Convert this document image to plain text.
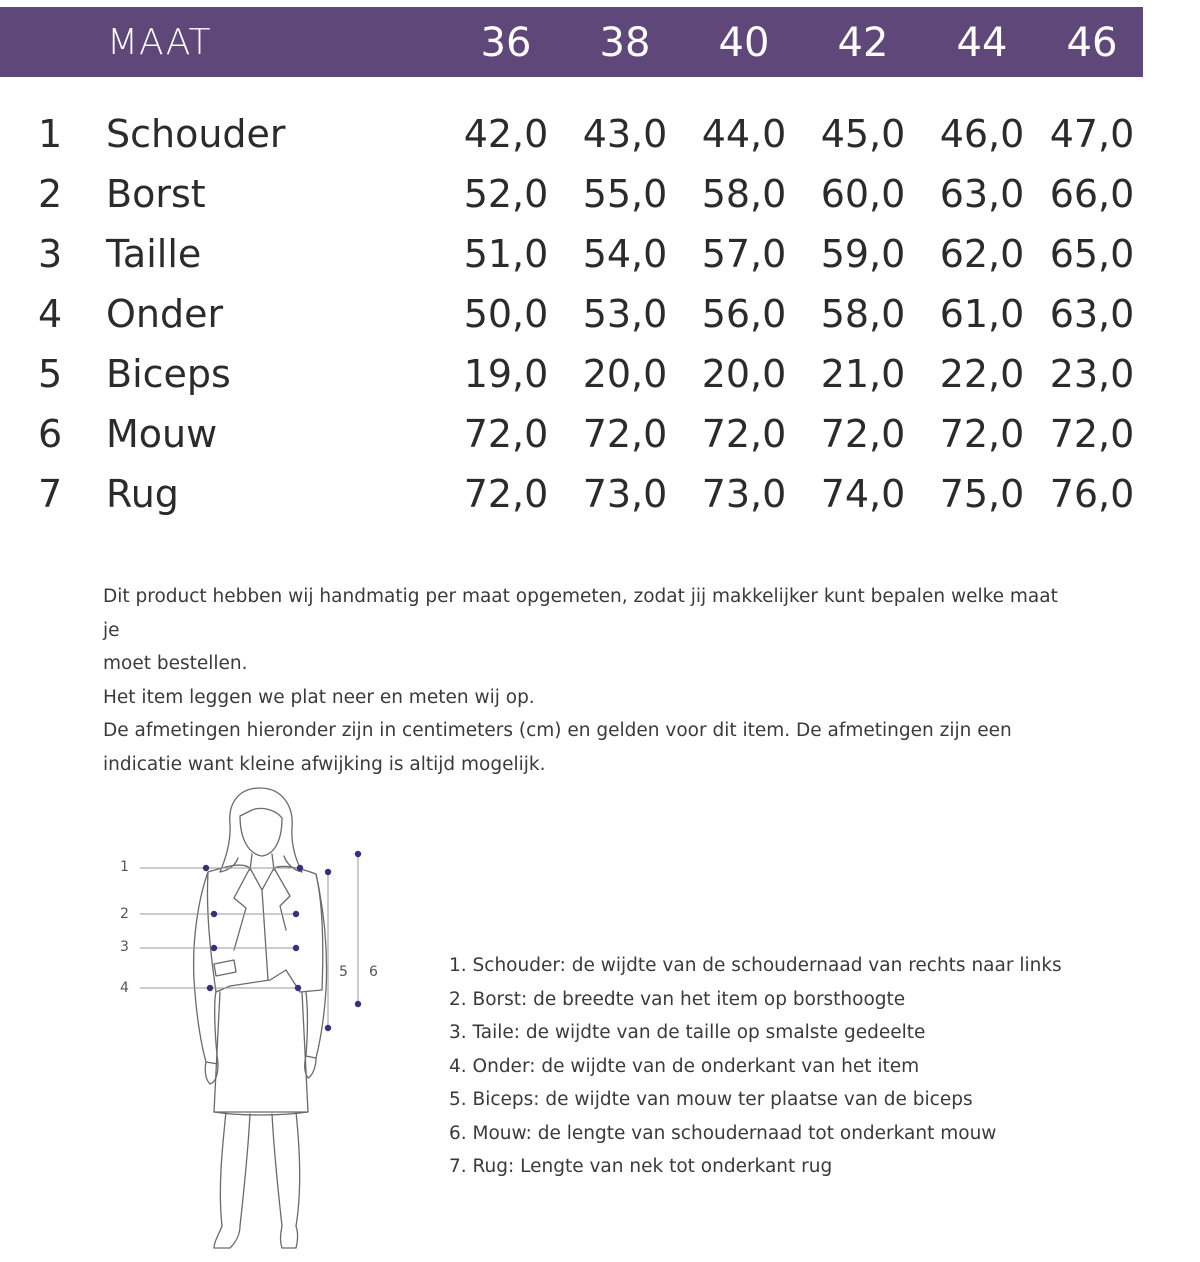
MAAT	36	38	40	42	44	46
1 Schouder	42,0 43,0 44,0 45,0 46,0 47,0
2 Borst	52,0 55,0 58,0 60,0 63,0 66,0
3 Taille	51,0 54,0 57,0 59,0 62,0 65,0
4 Onder	50,0 53,0 56,0 58,0 61,0 63,0
5 Biceps	19,0 20,0 20,0 21,0 22,0 23,0
6 Mouw	72,0 72,0 72,0 72,0 72,0 72,0
7 Rug	72,0 73,0 73,0 74,0 75,0 76,0

Dit product hebben wij handmatig per maat opgemeten, zodat jij makkelijker kunt bepalen welke maat je

moet bestellen.

Het item leggen we plat neer en meten wij op.

De afmetingen hieronder zijn in centimeters (cm) en gelden voor dit item. De afmetingen zijn een

indicatie want kleine afwijking is altijd mogelijk.

1
2
3
4
5 6	1. Schouder: de wijdte van de schoudernaad van rechts naar links

2. Borst: de breedte van het item op borsthoogte

3. Taile: de wijdte van de taille op smalste gedeelte

4. Onder: de wijdte van de onderkant van het item

5. Biceps: de wijdte van mouw ter plaatse van de biceps

6. Mouw: de lengte van schoudernaad tot onderkant mouw

7. Rug: Lengte van nek tot onderkant rug
